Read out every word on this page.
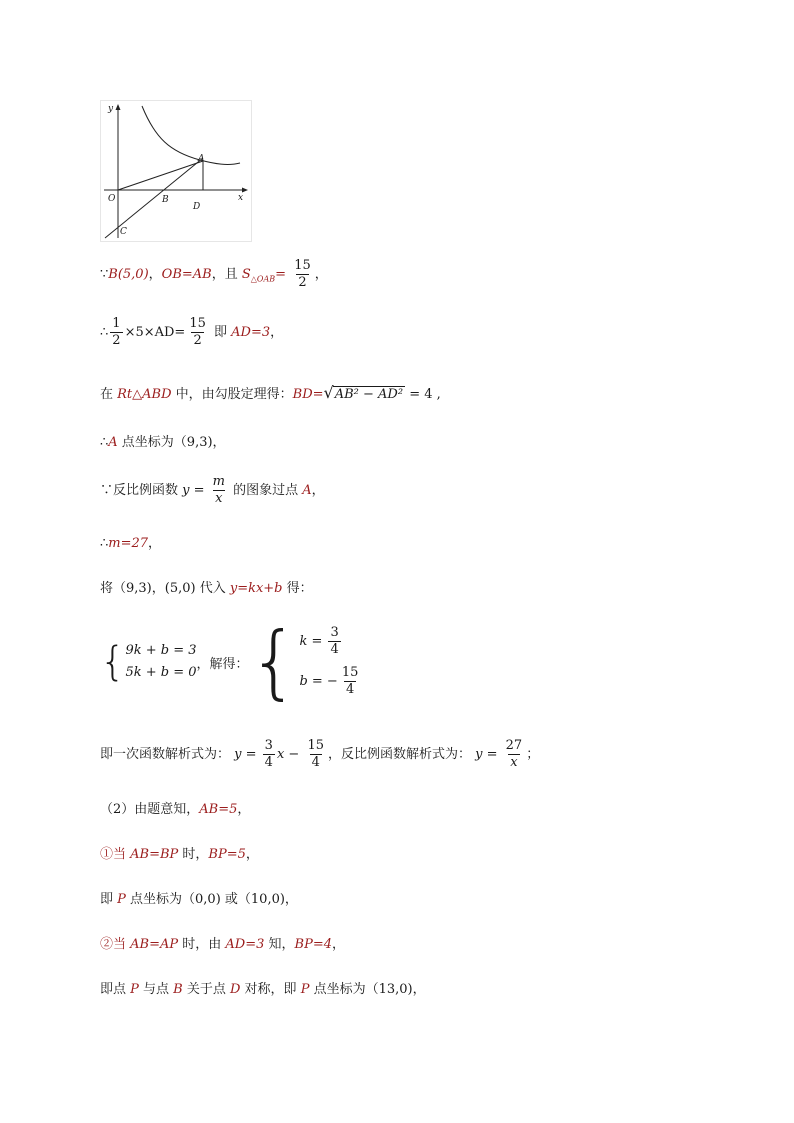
y
x
O
A
B
C
D
∵B(5,0)，OB=AB，且 $S_{\triangle OAB}= \frac{15}{2}$ ，
∴ $\frac{1}{2} \times 5\times AD= \frac{15}{2}$ 即 AD=3，
在 Rt△ABD 中，由勾股定理得：BD=√AB² − AD² = 4 ,
∴A 点坐标为（9,3)，
∵反比例函数 $y = \frac{m}{x}$ 的图象过点 A，
∴m=27，
将（9,3)，(5,0) 代入 y=kx+b 得：
{ 9k + b = 3
5k + b = 0
，解得： { $k = \frac{3}{4}$
b = − $\frac{15}{4}$
即一次函数解析式为： $y = \frac{3}{4}$ $x - \frac{15}{4}$ ，反比例函数解析式为： $y = \frac{27}{x}$ ；
（2）由题意知，AB=5，
①当 AB=BP 时，BP=5，
即 P 点坐标为（0,0) 或（10,0)，
②当 AB=AP 时，由 AD=3 知，BP=4，
即点 P 与点 B 关于点 D 对称，即 P 点坐标为（13,0)，
